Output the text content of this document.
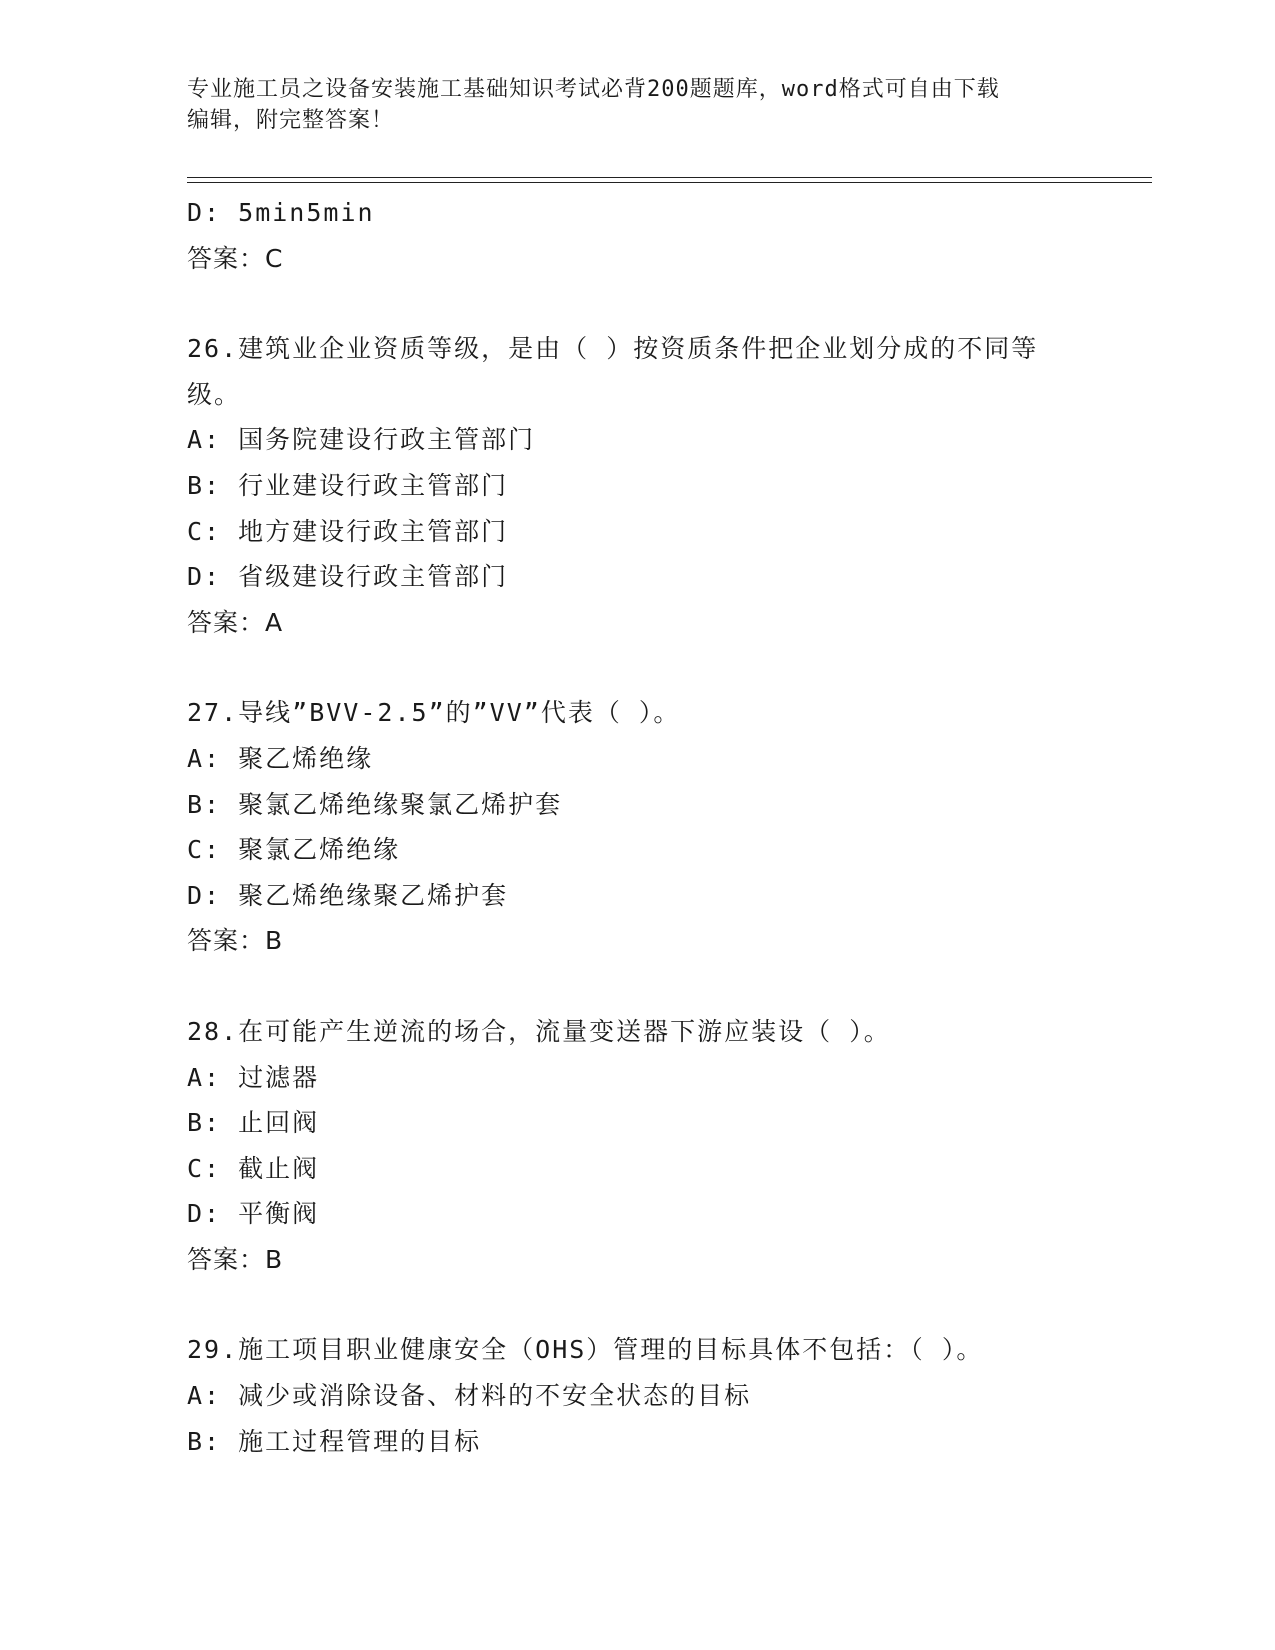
专业施工员之设备安装施工基础知识考试必背200题题库，word格式可自由下载
编辑，附完整答案！
D: 5min5min
答案：C
26.建筑业企业资质等级，是由（ ）按资质条件把企业划分成的不同等级。
A: 国务院建设行政主管部门
B: 行业建设行政主管部门
C: 地方建设行政主管部门
D: 省级建设行政主管部门
答案：A
27.导线”BVV-2.5”的”VV”代表（ ）。
A: 聚乙烯绝缘
B: 聚氯乙烯绝缘聚氯乙烯护套
C: 聚氯乙烯绝缘
D: 聚乙烯绝缘聚乙烯护套
答案：B
28.在可能产生逆流的场合，流量变送器下游应装设（ ）。
A: 过滤器
B: 止回阀
C: 截止阀
D: 平衡阀
答案：B
29.施工项目职业健康安全（OHS）管理的目标具体不包括：（ ）。
A: 减少或消除设备、材料的不安全状态的目标
B: 施工过程管理的目标
